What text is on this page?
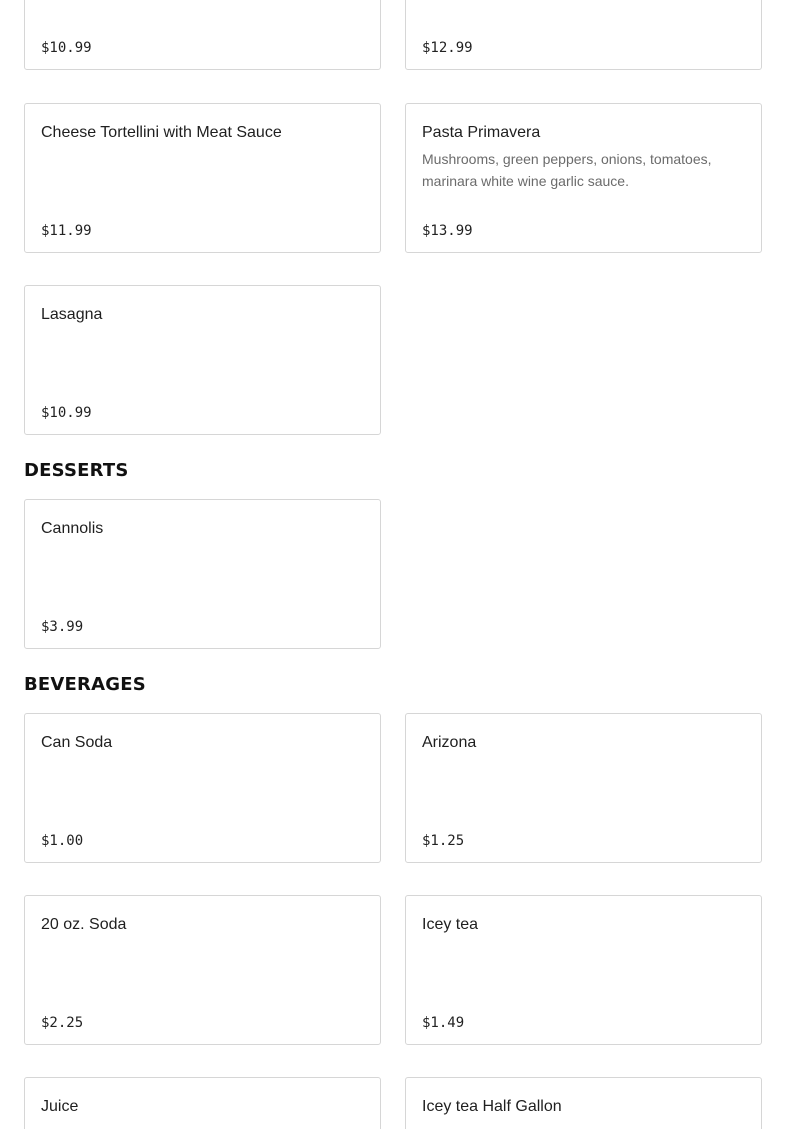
$10.99	$12.99
Cheese Tortellini with Meat Sauce
$11.99
Pasta Primavera
Mushrooms, green peppers, onions, tomatoes, marinara white wine garlic sauce.
$13.99
Lasagna
$10.99
DESSERTS
Cannolis
$3.99
BEVERAGES
Can Soda
$1.00
Arizona
$1.25
20 oz. Soda
$2.25
Icey tea
$1.49
Juice	Icey tea Half Gallon
